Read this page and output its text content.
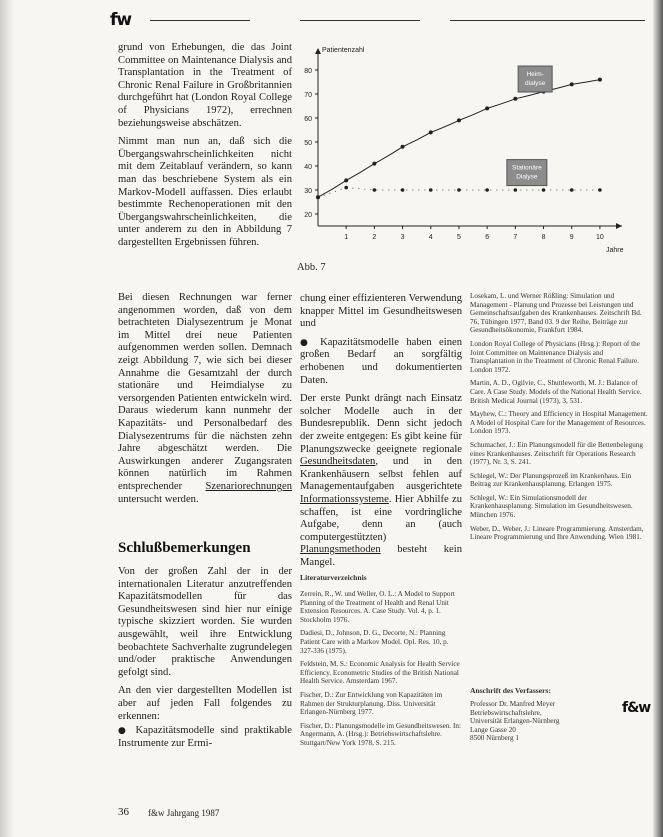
fw

grund von Erhebungen, die das Joint Committee on Maintenance Dialysis and Transplantation in the Treatment of Chronic Renal Failure in Großbritannien durchgeführt hat (London Royal College of Physicians 1972), errechnen beziehungsweise abschätzen.

Nimmt man nun an, daß sich die Übergangswahrscheinlichkeiten nicht mit dem Zeitablauf verändern, so kann man das beschriebene System als ein Markov-Modell auffassen. Dies erlaubt bestimmte Rechenoperationen mit den Übergangswahrscheinlichkeiten, die unter anderem zu den in Abbildung 7 dargestellten Ergebnissen führen.

Bei diesen Rechnungen war ferner angenommen worden, daß von dem betrachteten Dialysezentrum je Monat im Mittel drei neue Patienten aufgenommen werden sollen. Demnach zeigt Abbildung 7, wie sich bei dieser Annahme die Gesamtzahl der durch stationäre und Heimdialyse zu versorgenden Patienten entwickeln wird. Daraus wiederum kann nunmehr der Kapazitäts- und Personalbedarf des Dialysezentrums für die nächsten zehn Jahre abgeschätzt werden. Die Auswirkungen anderer Zugangsraten können natürlich im Rahmen entsprechender Szenariorechnungen untersucht werden.

Schlußbemerkungen

Von der großen Zahl der in der internationalen Literatur anzutreffenden Kapazitätsmodellen für das Gesundheitswesen sind hier nur einige typische skizziert worden. Sie wurden ausgewählt, weil ihre Entwicklung beobachtete Sachverhalte zugrundelegen und/oder praktische Anwendungen gefolgt sind.

An den vier dargestellten Modellen ist aber auf jeden Fall folgendes zu erkennen:

● Kapazitätsmodelle sind praktikable Instrumente zur Ermi-

20
30
40
50
60
70
80
1	2	3	4	5	6	7	8	9	10
Patientenzahl
Jahre
Heim-
dialyse
Stationäre
Dialyse
Abb. 7

chung einer effizienteren Verwendung knapper Mittel im Gesundheitswesen und

● Kapazitätsmodelle haben einen großen Bedarf an sorgfältig erhobenen und dokumentierten Daten.

Der erste Punkt drängt nach Einsatz solcher Modelle auch in der Bundesrepublik. Denn sicht jedoch der zweite entgegen: Es gibt keine für Planungszwecke geeignete regionale Gesundheitsdaten, und in den Krankenhäusern selbst fehlen auf Managementaufgaben ausgerichtete Informationssysteme. Hier Abhilfe zu schaffen, ist eine vordringliche Aufgabe, denn an (auch computergestützten) Planungsmethoden besteht kein Mangel.

Literaturverzeichnis

Zerrein, R., W. und Weller, O. L.: A Model to Support Planning of the Treatment of Health and Renal Unit Extension Resources. A. Case Study. Vol. 4, p. 1. Stockholm 1976.

Dadiesi, D., Johnson, D. G., Decorte, N.: Planning Patient Care with a Markov Model. Opl. Res. 10, p. 327-336 (1975).

Feldstein, M. S.: Economic Analysis for Health Service Efficiency. Econometric Studies of the British National Health Service. Amsterdam 1967.

Fischer, D.: Zur Entwicklung von Kapazitäten im Rahmen der Strukturplanung. Diss. Universität Erlangen-Nürnberg 1977.

Fischer, D.: Planungsmodelle im Gesundheitswesen. In: Angermann, A. (Hrsg.): Betriebswirtschaftslehre. Stuttgart/New York 1978, S. 215.

Losekam, L. und Werner Rößling: Simulation und Management - Planung und Prozesse bei Leistungen und Gemeinschaftsaufgaben des Krankenhauses. Zeitschrift Bd. 76, Tübingen 1977, Band 03. 9 der Reihe, Beiträge zur Gesundheitsökonomie, Frankfurt 1984.

London Royal College of Physicians (Hrsg.): Report of the Joint Committee on Maintenance Dialysis and Transplantation in the Treatment of Chronic Renal Failure. London 1972.

Martin, A. D., Ogilvie, C., Shuttleworth, M. J.: Balance of Care. A Case Study. Models of the National Health Service. British Medical Journal (1973), 3, 531.

Mayhew, C.: Theory and Efficiency in Hospital Management. A Model of Hospital Care for the Management of Resources. London 1973.

Schumacher, J.: Ein Planungsmodell für die Bettenbelegung eines Krankenhauses. Zeitschrift für Operations Research (1977), Nr. 3, S. 241.

Schlegel, W.: Der Planungsprozeß im Krankenhaus. Ein Beitrag zur Krankenhausplanung. Erlangen 1975.

Schlegel, W.: Ein Simulationsmodell der Krankenhausplanung. Simulation im Gesundheitswesen. München 1976.

Weber, D., Weber, J.: Lineare Programmierung. Amsterdam, Lineare Programmierung und Ihre Anwendung. Wien 1981.

Anschrift des Verfassers:
Professor Dr. Manfred Meyer
Betriebswirtschaftslehre,
Universität Erlangen-Nürnberg
Lange Gasse 20
8500 Nürnberg 1
36 f&w Jahrgang 1987
f&w
